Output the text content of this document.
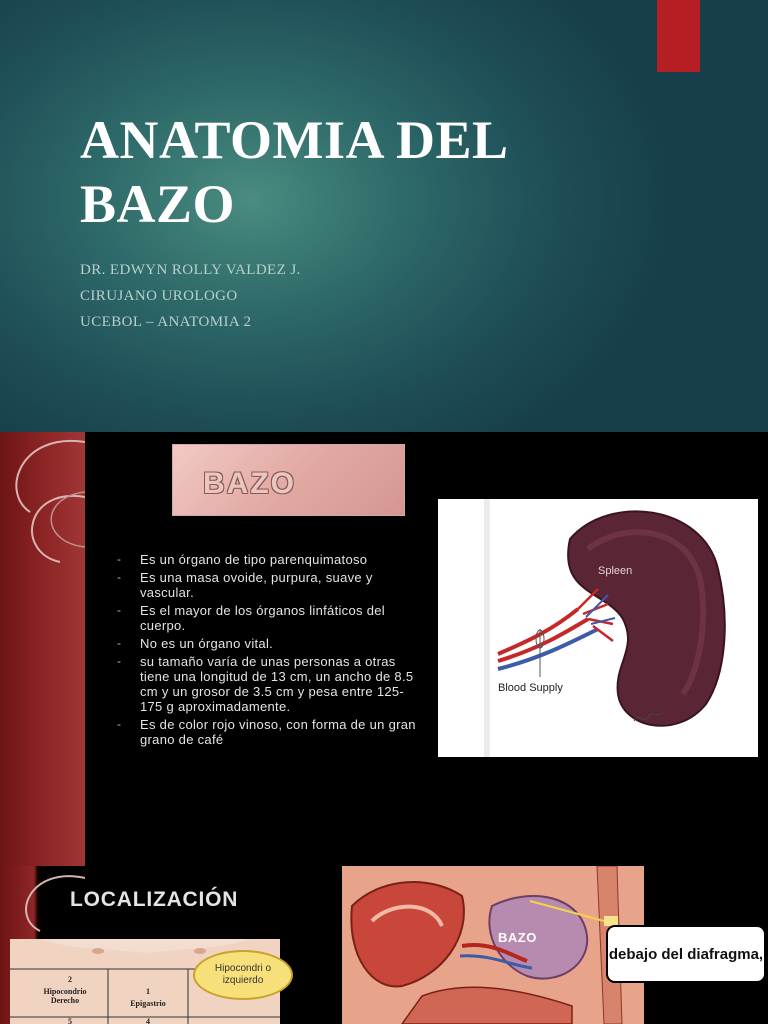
ANATOMIA DEL BAZO
DR. EDWYN ROLLY VALDEZ J.
CIRUJANO UROLOGO
UCEBOL – ANATOMIA 2
BAZO
- Es un órgano de tipo parenquimatoso
- Es una masa ovoide, purpura, suave y vascular.
- Es el mayor de los órganos linfáticos del cuerpo.
- No es un órgano vital.
- su tamaño varía de unas personas a otras tiene una longitud de 13 cm, un ancho de 8.5 cm y un grosor de 3.5 cm y pesa entre 125-175 g aproximadamente.
- Es de color rojo vinoso, con forma de un gran grano de café
Spleen
Blood Supply
LOCALIZACIÓN
2
Hipocondrio Derecho
1
Epigastrio
5	4
Hipocondri o izquierdo
BAZO
debajo del diafragma,
